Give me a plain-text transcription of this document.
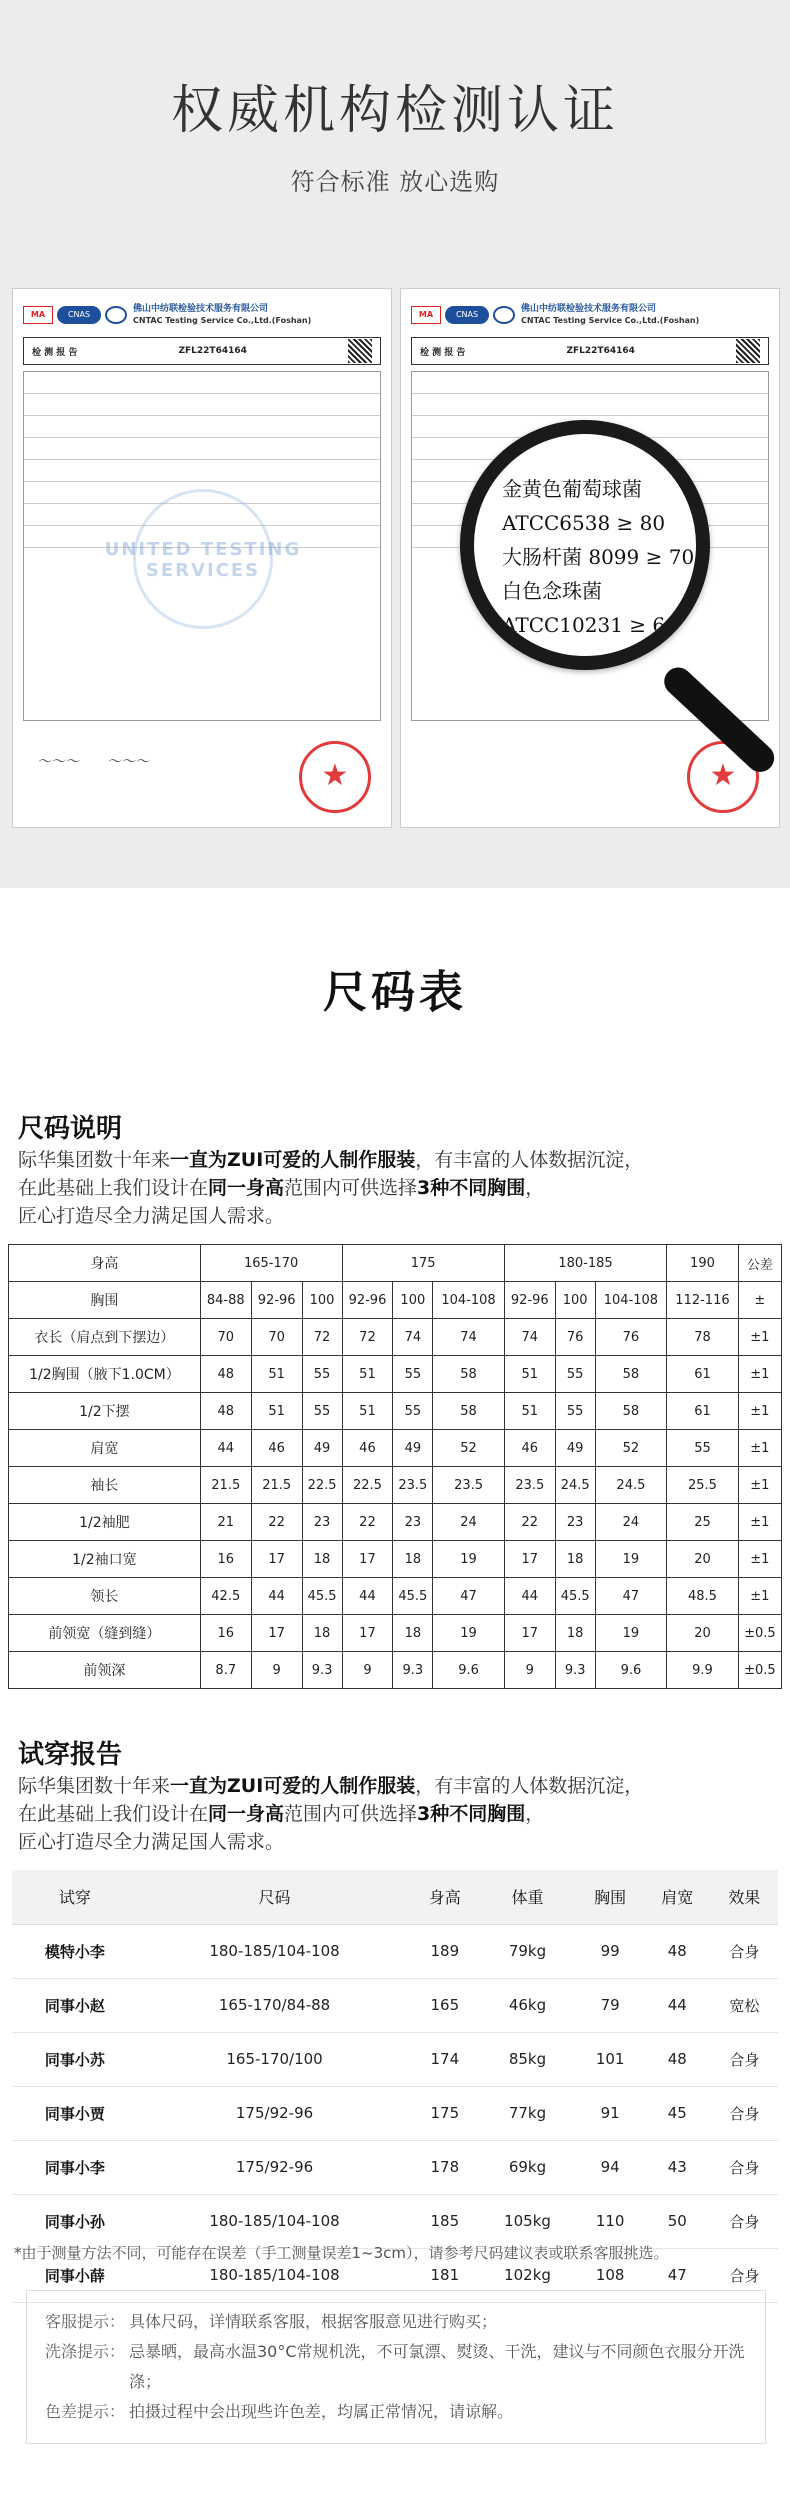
权威机构检测认证
符合标准 放心选购
MA	CNAS
佛山中纺联检验技术服务有限公司
CNTAC Testing Service Co.,Ltd.(Foshan)
检 测 报 告	ZFL22T64164
UNITED TESTING SERVICES
～～～　　～～～	★
MA	CNAS
佛山中纺联检验技术服务有限公司
CNTAC Testing Service Co.,Ltd.(Foshan)
检 测 报 告	ZFL22T64164
★
金黄色葡萄球菌
ATCC6538 ≥ 80
大肠杆菌 8099 ≥ 70
白色念珠菌
ATCC10231 ≥ 60
尺码表
尺码说明
际华集团数十年来一直为ZUI可爱的人制作服装，有丰富的人体数据沉淀，
在此基础上我们设计在同一身高范围内可供选择3种不同胸围，
匠心打造尽全力满足国人需求。
身高	165-170			175			180-185			190	公差
胸围	84-88	92-96	100	92-96	100	104-108	92-96	100	104-108	112-116	±
衣长（肩点到下摆边）	70	70	72	72	74	74	74	76	76	78	±1
1/2胸围（腋下1.0CM）	48	51	55	51	55	58	51	55	58	61	±1
1/2下摆	48	51	55	51	55	58	51	55	58	61	±1
肩宽	44	46	49	46	49	52	46	49	52	55	±1
袖长	21.5	21.5	22.5	22.5	23.5	23.5	23.5	24.5	24.5	25.5	±1
1/2袖肥	21	22	23	22	23	24	22	23	24	25	±1
1/2袖口宽	16	17	18	17	18	19	17	18	19	20	±1
领长	42.5	44	45.5	44	45.5	47	44	45.5	47	48.5	±1
前领宽（缝到缝）	16	17	18	17	18	19	17	18	19	20	±0.5
前领深	8.7	9	9.3	9	9.3	9.6	9	9.3	9.6	9.9	±0.5
试穿报告
际华集团数十年来一直为ZUI可爱的人制作服装，有丰富的人体数据沉淀，
在此基础上我们设计在同一身高范围内可供选择3种不同胸围，
匠心打造尽全力满足国人需求。
试穿	尺码	身高	体重	胸围	肩宽	效果
模特小李	180-185/104-108	189	79kg	99	48	合身
同事小赵	165-170/84-88	165	46kg	79	44	宽松
同事小苏	165-170/100	174	85kg	101	48	合身
同事小贾	175/92-96	175	77kg	91	45	合身
同事小李	175/92-96	178	69kg	94	43	合身
同事小孙	180-185/104-108	185	105kg	110	50	合身
同事小薛	180-185/104-108	181	102kg	108	47	合身
*由于测量方法不同，可能存在误差（手工测量误差1~3cm），请参考尺码建议表或联系客服挑选。
客服提示： 具体尺码，详情联系客服，根据客服意见进行购买；
洗涤提示： 忌暴晒，最高水温30°C常规机洗，不可氯漂、熨烫、干洗，建议与不同颜色衣服分开洗涤；
色差提示： 拍摄过程中会出现些许色差，均属正常情况，请谅解。
